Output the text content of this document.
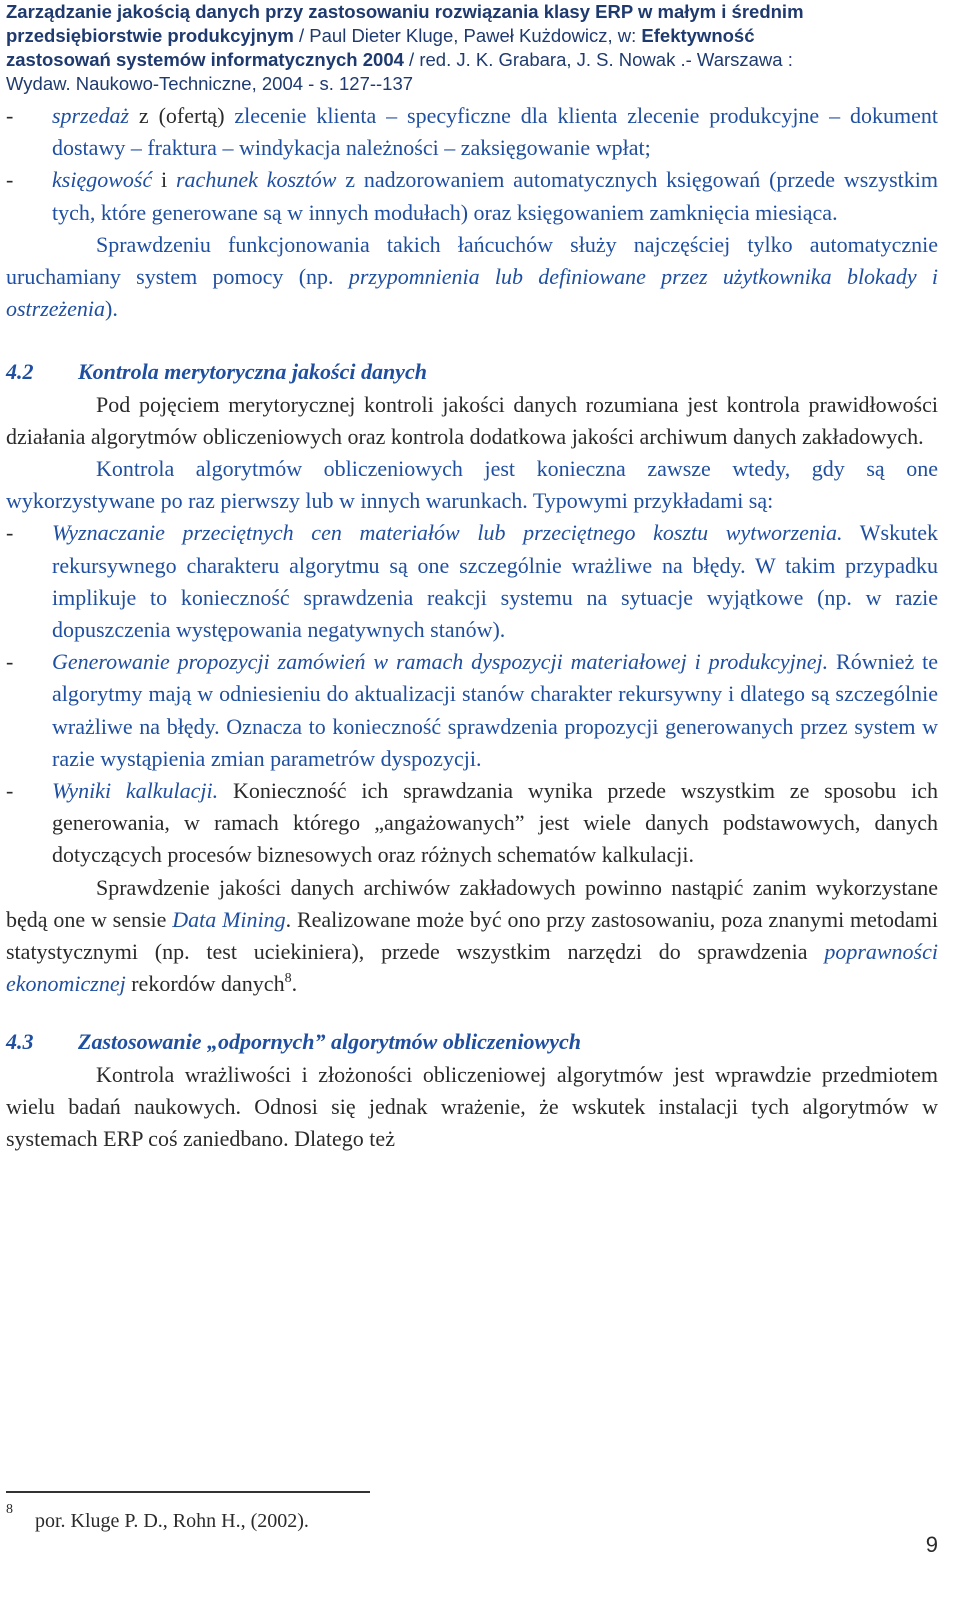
Zarządzanie jakością danych przy zastosowaniu rozwiązania klasy ERP w małym i średnim
przedsiębiorstwie produkcyjnym / Paul Dieter Kluge, Paweł Kużdowicz, w: Efektywność
zastosowań systemów informatycznych 2004 / red. J. K. Grabara, J. S. Nowak .- Warszawa :
Wydaw. Naukowo-Techniczne, 2004 - s. 127--137
-	sprzedaż z (ofertą) zlecenie klienta – specyficzne dla klienta zlecenie produkcyjne – dokument dostawy – fraktura – windykacja należności – zaksięgowanie wpłat;
-	księgowość i rachunek kosztów z nadzorowaniem automatycznych księgowań (przede wszystkim tych, które generowane są w innych modułach) oraz księgowaniem zamknięcia miesiąca.

Sprawdzeniu funkcjonowania takich łańcuchów służy najczęściej tylko automatycznie uruchamiany system pomocy (np. przypomnienia lub definiowane przez użytkownika blokady i ostrzeżenia).

4.2	Kontrola merytoryczna jakości danych

Pod pojęciem merytorycznej kontroli jakości danych rozumiana jest kontrola prawidłowości działania algorytmów obliczeniowych oraz kontrola dodatkowa jakości archiwum danych zakładowych.

Kontrola algorytmów obliczeniowych jest konieczna zawsze wtedy, gdy są one wykorzystywane po raz pierwszy lub w innych warunkach. Typowymi przykładami są:

-	Wyznaczanie przeciętnych cen materiałów lub przeciętnego kosztu wytworzenia. Wskutek rekursywnego charakteru algorytmu są one szczególnie wrażliwe na błędy. W takim przypadku implikuje to konieczność sprawdzenia reakcji systemu na sytuacje wyjątkowe (np. w razie dopuszczenia występowania negatywnych stanów).
-	Generowanie propozycji zamówień w ramach dyspozycji materiałowej i produkcyjnej. Również te algorytmy mają w odniesieniu do aktualizacji stanów charakter rekursywny i dlatego są szczególnie wrażliwe na błędy. Oznacza to konieczność sprawdzenia propozycji generowanych przez system w razie wystąpienia zmian parametrów dyspozycji.
-	Wyniki kalkulacji. Konieczność ich sprawdzania wynika przede wszystkim ze sposobu ich generowania, w ramach którego „angażowanych” jest wiele danych podstawowych, danych dotyczących procesów biznesowych oraz różnych schematów kalkulacji.

Sprawdzenie jakości danych archiwów zakładowych powinno nastąpić zanim wykorzystane będą one w sensie Data Mining. Realizowane może być ono przy zastosowaniu, poza znanymi metodami statystycznymi (np. test uciekiniera), przede wszystkim narzędzi do sprawdzenia poprawności ekonomicznej rekordów danych$^8$.

4.3	Zastosowanie „odpornych” algorytmów obliczeniowych

Kontrola wrażliwości i złożoności obliczeniowej algorytmów jest wprawdzie przedmiotem wielu badań naukowych. Odnosi się jednak wrażenie, że wskutek instalacji tych algorytmów w systemach ERP coś zaniedbano. Dlatego też

$^8$por. Kluge P. D., Rohn H., (2002).
9
